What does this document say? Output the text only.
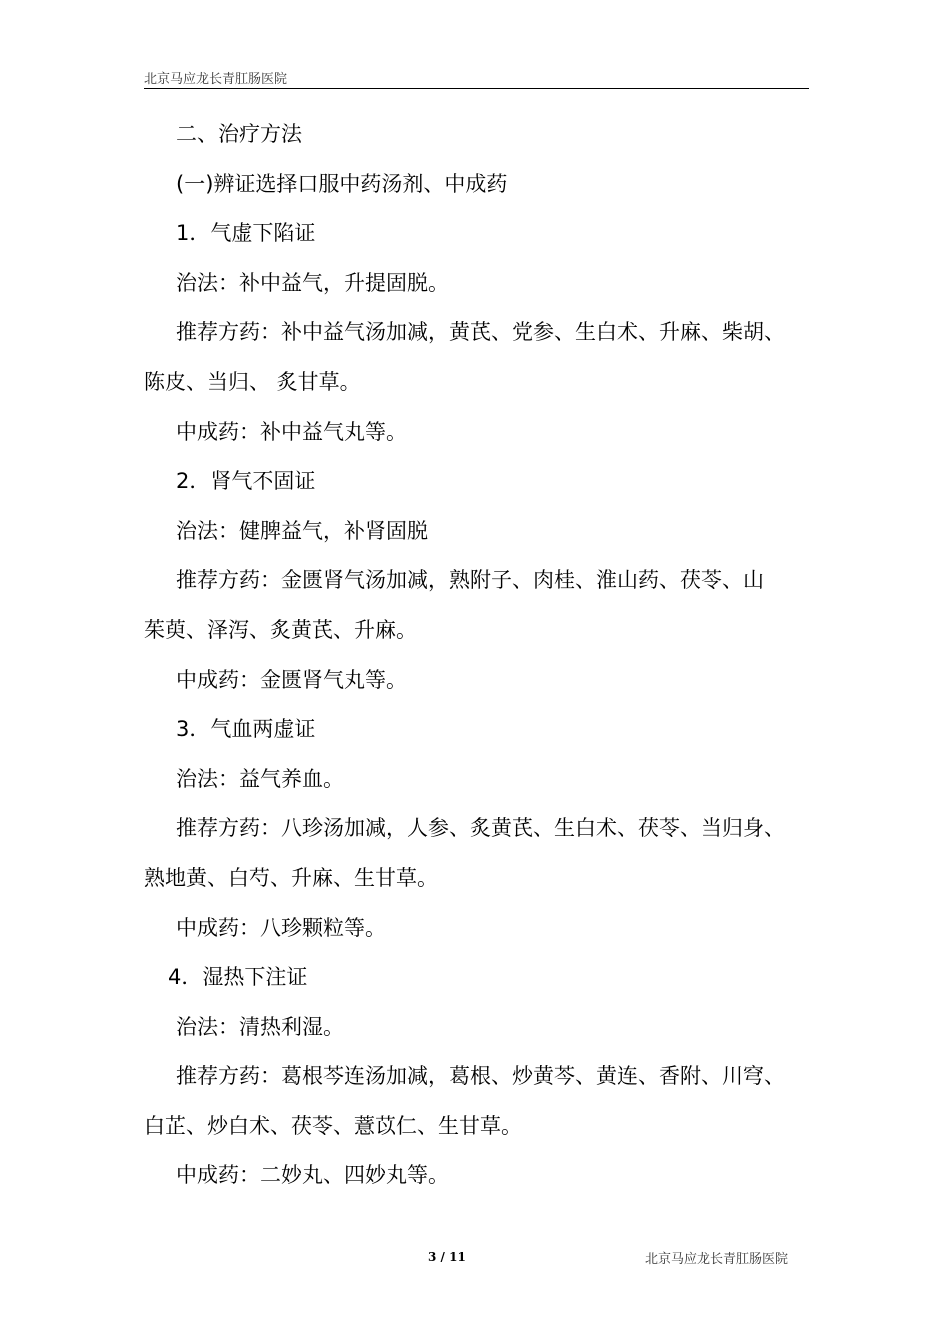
北京马应龙长青肛肠医院

二、治疗方法

(一)辨证选择口服中药汤剂、中成药

1．气虚下陷证

治法：补中益气，升提固脱。

推荐方药：补中益气汤加减，黄芪、党参、生白术、升麻、柴胡、

陈皮、当归、 炙甘草。

中成药：补中益气丸等。

2．肾气不固证

治法：健脾益气，补肾固脱

推荐方药：金匮肾气汤加减，熟附子、肉桂、淮山药、茯苓、山

茱萸、泽泻、炙黄芪、升麻。

中成药：金匮肾气丸等。

3．气血两虚证

治法：益气养血。

推荐方药：八珍汤加减，人参、炙黄芪、生白术、茯苓、当归身、

熟地黄、白芍、升麻、生甘草。

中成药：八珍颗粒等。

4．湿热下注证

治法：清热利湿。

推荐方药：葛根芩连汤加减，葛根、炒黄芩、黄连、香附、川穹、

白芷、炒白术、茯苓、薏苡仁、生甘草。

中成药：二妙丸、四妙丸等。

3 / 11	北京马应龙长青肛肠医院
